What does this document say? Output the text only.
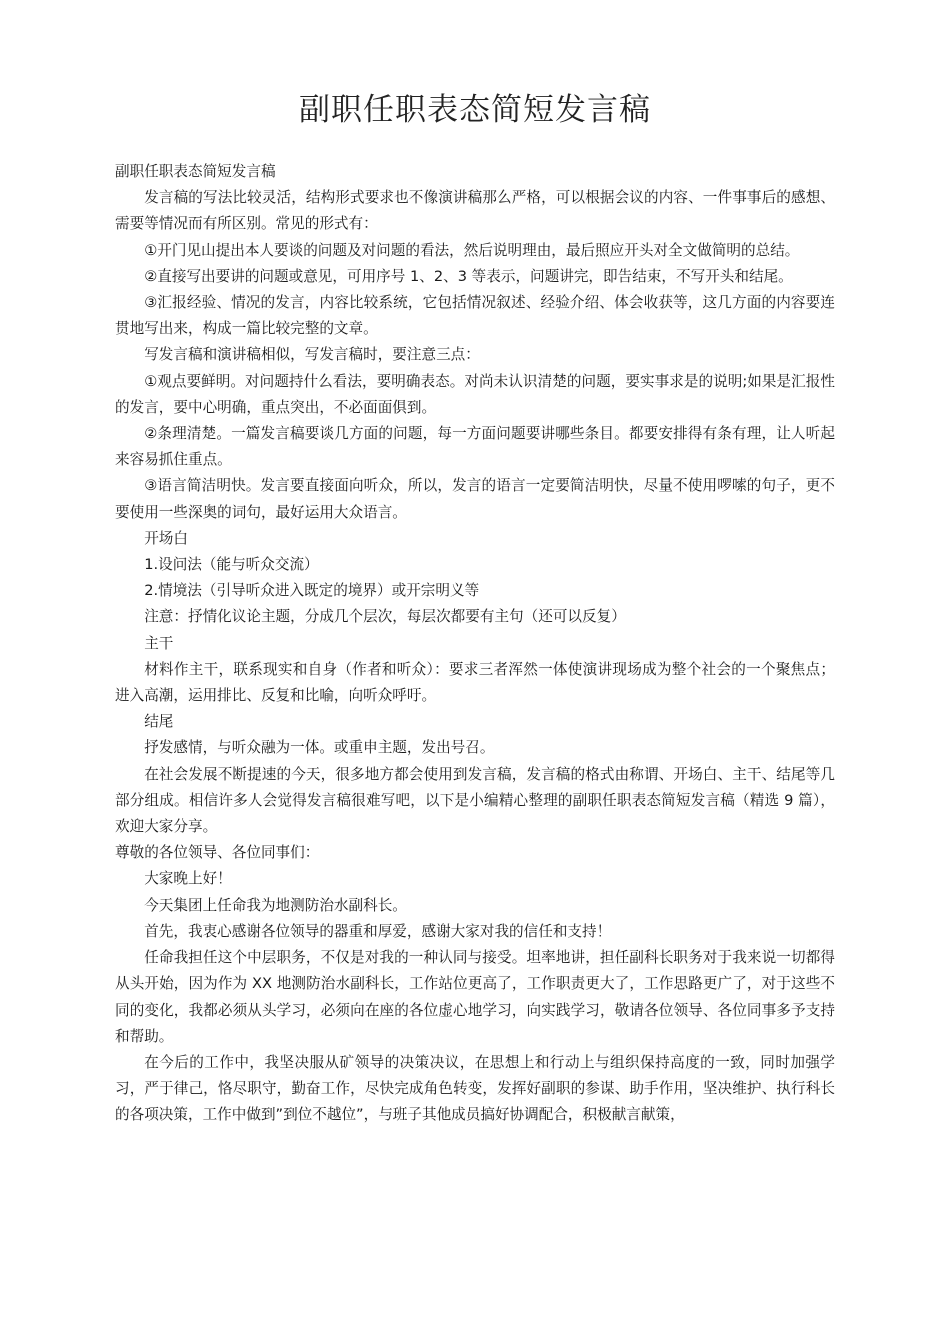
副职任职表态简短发言稿

副职任职表态简短发言稿

发言稿的写法比较灵活，结构形式要求也不像演讲稿那么严格，可以根据会议的内容、一件事事后的感想、需要等情况而有所区别。常见的形式有：

①开门见山提出本人要谈的问题及对问题的看法，然后说明理由，最后照应开头对全文做简明的总结。

②直接写出要讲的问题或意见，可用序号 1、2、3 等表示，问题讲完，即告结束，不写开头和结尾。

③汇报经验、情况的发言，内容比较系统，它包括情况叙述、经验介绍、体会收获等，这几方面的内容要连贯地写出来，构成一篇比较完整的文章。

写发言稿和演讲稿相似，写发言稿时，要注意三点：

①观点要鲜明。对问题持什么看法，要明确表态。对尚未认识清楚的问题，要实事求是的说明;如果是汇报性的发言，要中心明确，重点突出，不必面面俱到。

②条理清楚。一篇发言稿要谈几方面的问题，每一方面问题要讲哪些条目。都要安排得有条有理，让人听起来容易抓住重点。

③语言简洁明快。发言要直接面向听众，所以，发言的语言一定要简洁明快，尽量不使用啰嗦的句子，更不要使用一些深奥的词句，最好运用大众语言。

开场白

1.设问法（能与听众交流）

2.情境法（引导听众进入既定的境界）或开宗明义等

注意：抒情化议论主题，分成几个层次，每层次都要有主句（还可以反复）

主干

材料作主干，联系现实和自身（作者和听众）：要求三者浑然一体使演讲现场成为整个社会的一个聚焦点；进入高潮，运用排比、反复和比喻，向听众呼吁。

结尾

抒发感情，与听众融为一体。或重申主题，发出号召。

在社会发展不断提速的今天，很多地方都会使用到发言稿，发言稿的格式由称谓、开场白、主干、结尾等几部分组成。相信许多人会觉得发言稿很难写吧，以下是小编精心整理的副职任职表态简短发言稿（精选 9 篇），欢迎大家分享。

尊敬的各位领导、各位同事们：

大家晚上好！

今天集团上任命我为地测防治水副科长。

首先，我衷心感谢各位领导的器重和厚爱，感谢大家对我的信任和支持！

任命我担任这个中层职务，不仅是对我的一种认同与接受。坦率地讲，担任副科长职务对于我来说一切都得从头开始，因为作为 XX 地测防治水副科长，工作站位更高了，工作职责更大了，工作思路更广了，对于这些不同的变化，我都必须从头学习，必须向在座的各位虚心地学习，向实践学习，敬请各位领导、各位同事多予支持和帮助。

在今后的工作中，我坚决服从矿领导的决策决议，在思想上和行动上与组织保持高度的一致，同时加强学习，严于律己，恪尽职守，勤奋工作，尽快完成角色转变，发挥好副职的参谋、助手作用，坚决维护、执行科长的各项决策，工作中做到”到位不越位”，与班子其他成员搞好协调配合，积极献言献策，
